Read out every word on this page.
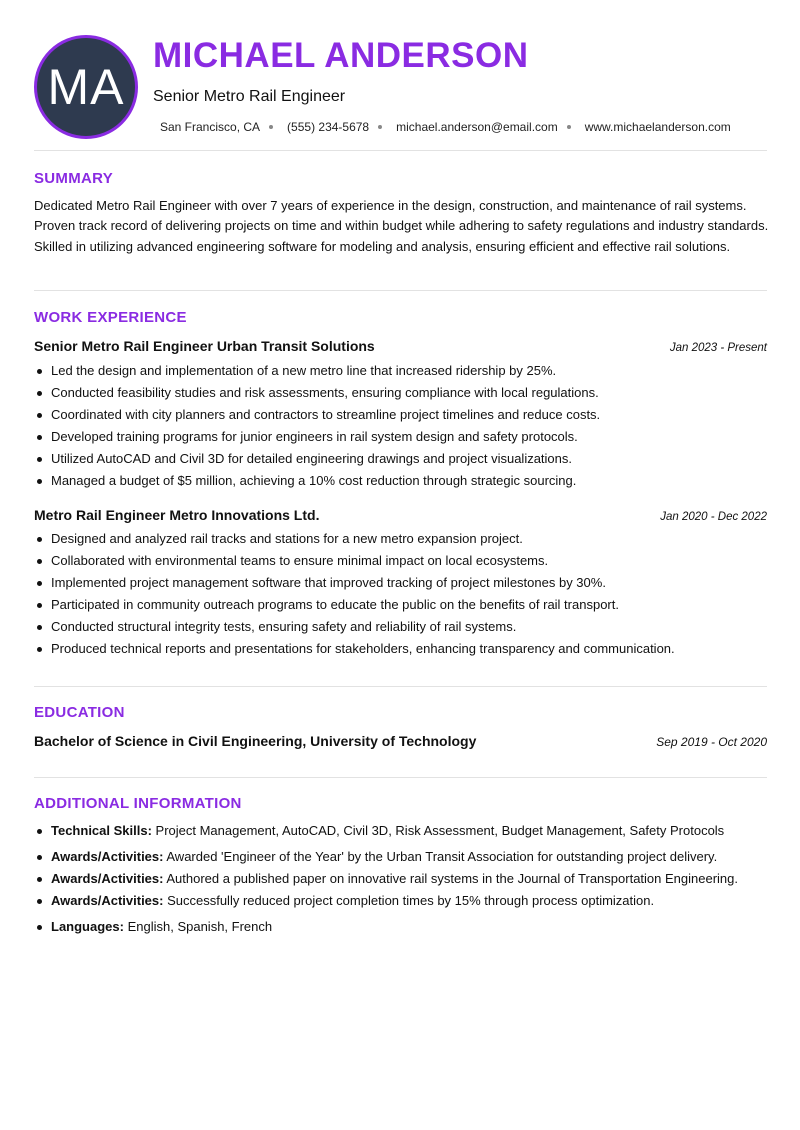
MA
MICHAEL ANDERSON
Senior Metro Rail Engineer
San Francisco, CA (555) 234-5678 michael.anderson@email.com www.michaelanderson.com
SUMMARY
Dedicated Metro Rail Engineer with over 7 years of experience in the design, construction, and maintenance of rail systems. Proven track record of delivering projects on time and within budget while adhering to safety regulations and industry standards. Skilled in utilizing advanced engineering software for modeling and analysis, ensuring efficient and effective rail solutions.
WORK EXPERIENCE
Senior Metro Rail Engineer Urban Transit Solutions	Jan 2023 - Present
Led the design and implementation of a new metro line that increased ridership by 25%.
Conducted feasibility studies and risk assessments, ensuring compliance with local regulations.
Coordinated with city planners and contractors to streamline project timelines and reduce costs.
Developed training programs for junior engineers in rail system design and safety protocols.
Utilized AutoCAD and Civil 3D for detailed engineering drawings and project visualizations.
Managed a budget of $5 million, achieving a 10% cost reduction through strategic sourcing.
Metro Rail Engineer Metro Innovations Ltd.	Jan 2020 - Dec 2022
Designed and analyzed rail tracks and stations for a new metro expansion project.
Collaborated with environmental teams to ensure minimal impact on local ecosystems.
Implemented project management software that improved tracking of project milestones by 30%.
Participated in community outreach programs to educate the public on the benefits of rail transport.
Conducted structural integrity tests, ensuring safety and reliability of rail systems.
Produced technical reports and presentations for stakeholders, enhancing transparency and communication.
EDUCATION
Bachelor of Science in Civil Engineering, University of Technology	Sep 2019 - Oct 2020
ADDITIONAL INFORMATION
Technical Skills: Project Management, AutoCAD, Civil 3D, Risk Assessment, Budget Management, Safety Protocols
Awards/Activities: Awarded 'Engineer of the Year' by the Urban Transit Association for outstanding project delivery.
Awards/Activities: Authored a published paper on innovative rail systems in the Journal of Transportation Engineering.
Awards/Activities: Successfully reduced project completion times by 15% through process optimization.
Languages: English, Spanish, French
